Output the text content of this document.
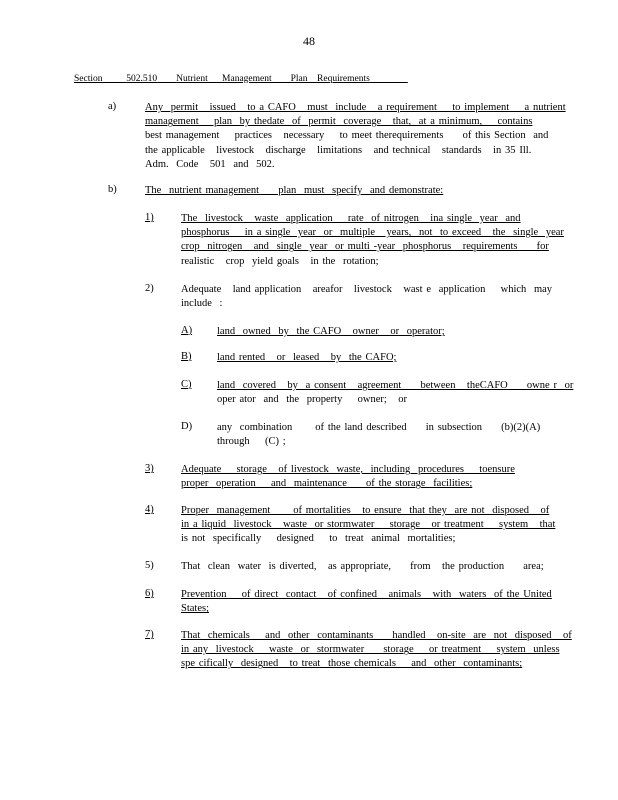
48
Section	502.510 Nutrient      Management        Plan    Requirements
a)	Any  permit   issued   to a CAFO   must  include   a requirement    to implement    a nutrient
management    plan  by thedate  of  permit  coverage   that,  at a minimum,    contains
best management    practices   necessary    to meet therequirements     of this Section  and
the applicable   livestock   discharge   limitations   and technical   standards   in 35 Ill.
Adm.  Code   501  and  502.
b)	The  nutrient management     plan  must  specify  and demonstrate:
1)	The  livestock   waste  application    rate  of nitrogen   ina single  year  and
phosphorus    in a single  year  or  multiple   years,  not  to exceed   the  single  year
crop  nitrogen   and  single  year  or multi -year  phosphorus   requirements     for
realistic   crop  yield goals   in the  rotation;
2)	Adequate   land application   areafor   livestock   wast e  application    which  may
include  :
A) land  owned  by  the CAFO   owner   or  operator;
B) land rented   or  leased   by  the CAFO;
C) land  covered   by  a consent   agreement     between   theCAFO     owne r  or
oper ator  and  the  property    owner;   or
D) any  combination      of the land described     in subsection     (b)(2)(A)
through    (C) ;
3)	Adequate    storage   of livestock  waste,  including  procedures    toensure
proper  operation    and  maintenance     of the storage  facilities;
4)	Proper  management      of mortalities   to ensure  that they  are not  disposed   of
in a liquid  livestock   waste  or stormwater    storage   or treatment    system   that
is not  specifically    designed    to  treat  animal  mortalities;
5)	That  clean  water  is diverted,   as appropriate,     from   the production     area;
6)	Prevention    of direct  contact   of confined   animals   with  waters  of the United
States;
7)	That  chemicals    and  other  contaminants     handled   on-site  are  not  disposed   of
in any  livestock    waste  or  stormwater     storage    or treatment    system  unless
spe cifically  designed   to treat  those chemicals    and  other  contaminants;
